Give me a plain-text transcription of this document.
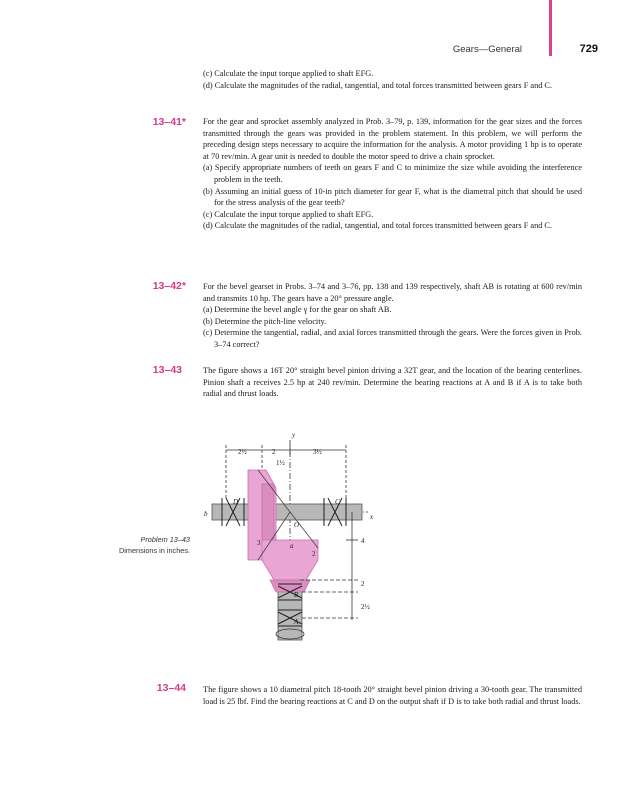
Gears—General	729

(c) Calculate the input torque applied to shaft EFG.

(d) Calculate the magnitudes of the radial, tangential, and total forces transmitted between gears F and C.

13–41* For the gear and sprocket assembly analyzed in Prob. 3–79, p. 139, information for the gear sizes and the forces transmitted through the gears was provided in the problem statement. In this problem, we will perform the preceding design steps necessary to acquire the information for the analysis. A motor providing 1 hp is to operate at 70 rev/min. A gear unit is needed to double the motor speed to drive a chain sprocket.

(a) Specify appropriate numbers of teeth on gears F and C to minimize the size while avoiding the interference problem in the teeth.

(b) Assuming an initial guess of 10-in pitch diameter for gear F, what is the diametral pitch that should be used for the stress analysis of the gear teeth?

(c) Calculate the input torque applied to shaft EFG.

(d) Calculate the magnitudes of the radial, tangential, and total forces transmitted between gears F and C.

13–42* For the bevel gearset in Probs. 3–74 and 3–76, pp. 138 and 139 respectively, shaft AB is rotating at 600 rev/min and transmits 10 hp. The gears have a 20° pressure angle.

(a) Determine the bevel angle γ for the gear on shaft AB.

(b) Determine the pitch-line velocity.

(c) Determine the tangential, radial, and axial forces transmitted through the gears. Were the forces given in Prob. 3–74 correct?

13–43	The figure shows a 16T 20° straight bevel pinion driving a 32T gear, and the location of the bearing centerlines. Pinion shaft a receives 2.5 hp at 240 rev/min. Determine the bearing reactions at A and B if A is to take both radial and thrust loads.

Problem 13–43
Dimensions in inches.
y
x
b
D	C
O
a
B
A
2½	2	3½
1½
3
2
4
2
2½
13–44 The figure shows a 10 diametral pitch 18-tooth 20° straight bevel pinion driving a 30-tooth gear. The transmitted load is 25 lbf. Find the bearing reactions at C and D on the output shaft if D is to take both radial and thrust loads.
